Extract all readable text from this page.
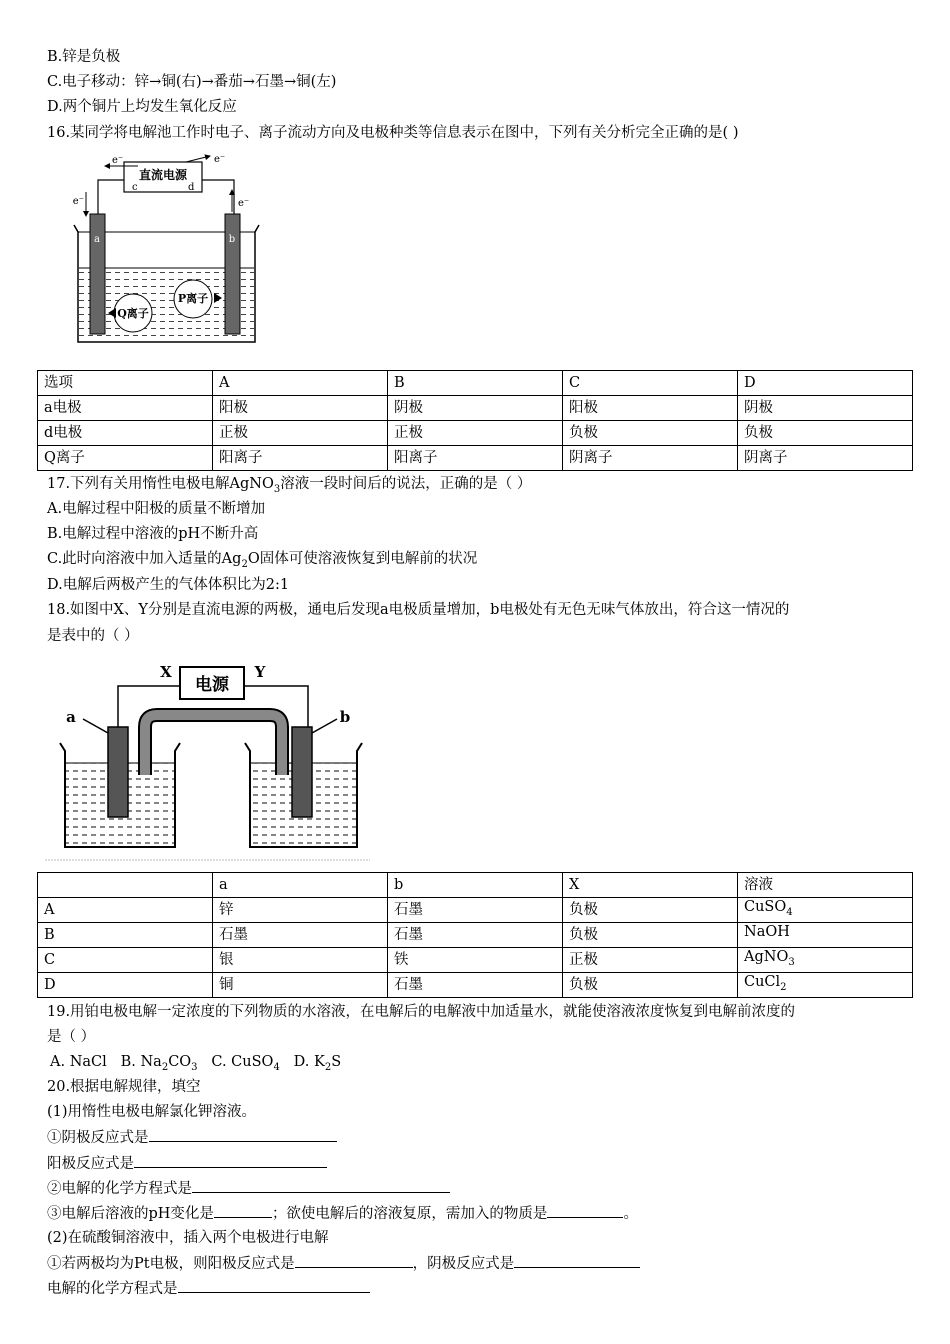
B.锌是负极
C.电子移动：锌→铜(右)→番茄→石墨→铜(左)
D.两个铜片上均发生氧化反应
16.某同学将电解池工作时电子、离子流动方向及电极种类等信息表示在图中，下列有关分析完全正确的是( )
直流电源
c	d
e⁻	e⁻
e⁻	e⁻
a	b
Q离子
P离子
选项	A	B	C	D
a电极	阳极	阴极	阳极	阴极
d电极	正极	正极	负极	负极
Q离子	阳离子	阳离子	阴离子	阴离子
17.下列有关用惰性电极电解AgNO$_3$溶液一段时间后的说法，正确的是（ ）
A.电解过程中阳极的质量不断增加
B.电解过程中溶液的pH不断升高
C.此时向溶液中加入适量的$Ag_2O$固体可使溶液恢复到电解前的状况
D.电解后两极产生的气体体积比为2:1
18.如图中X、Y分别是直流电源的两极，通电后发现a电极质量增加，b电极处有无色无味气体放出，符合这一情况的
是表中的（ ）
电源
X	Y
a	b
	a	b	X	溶液
A	锌	石墨	负极	CuSO$_4$
B	石墨	石墨	负极	NaOH
C	银	铁	正极	AgNO$_3$
D	铜	石墨	负极	CuCl$_2$
19.用铂电极电解一定浓度的下列物质的水溶液，在电解后的电解液中加适量水，就能使溶液浓度恢复到电解前浓度的
是（ ）
A. NaCl B. $Na_2CO_3$ C. CuSO$_4$ D. $K_2S$
20.根据电解规律，填空
(1)用惰性电极电解氯化钾溶液。
①阴极反应式是
阳极反应式是
②电解的化学方程式是
③电解后溶液的pH变化是	；欲使电解后的溶液复原，需加入的物质是	。
(2)在硫酸铜溶液中，插入两个电极进行电解
①若两极均为Pt电极，则阳极反应式是	，阴极反应式是
电解的化学方程式是
